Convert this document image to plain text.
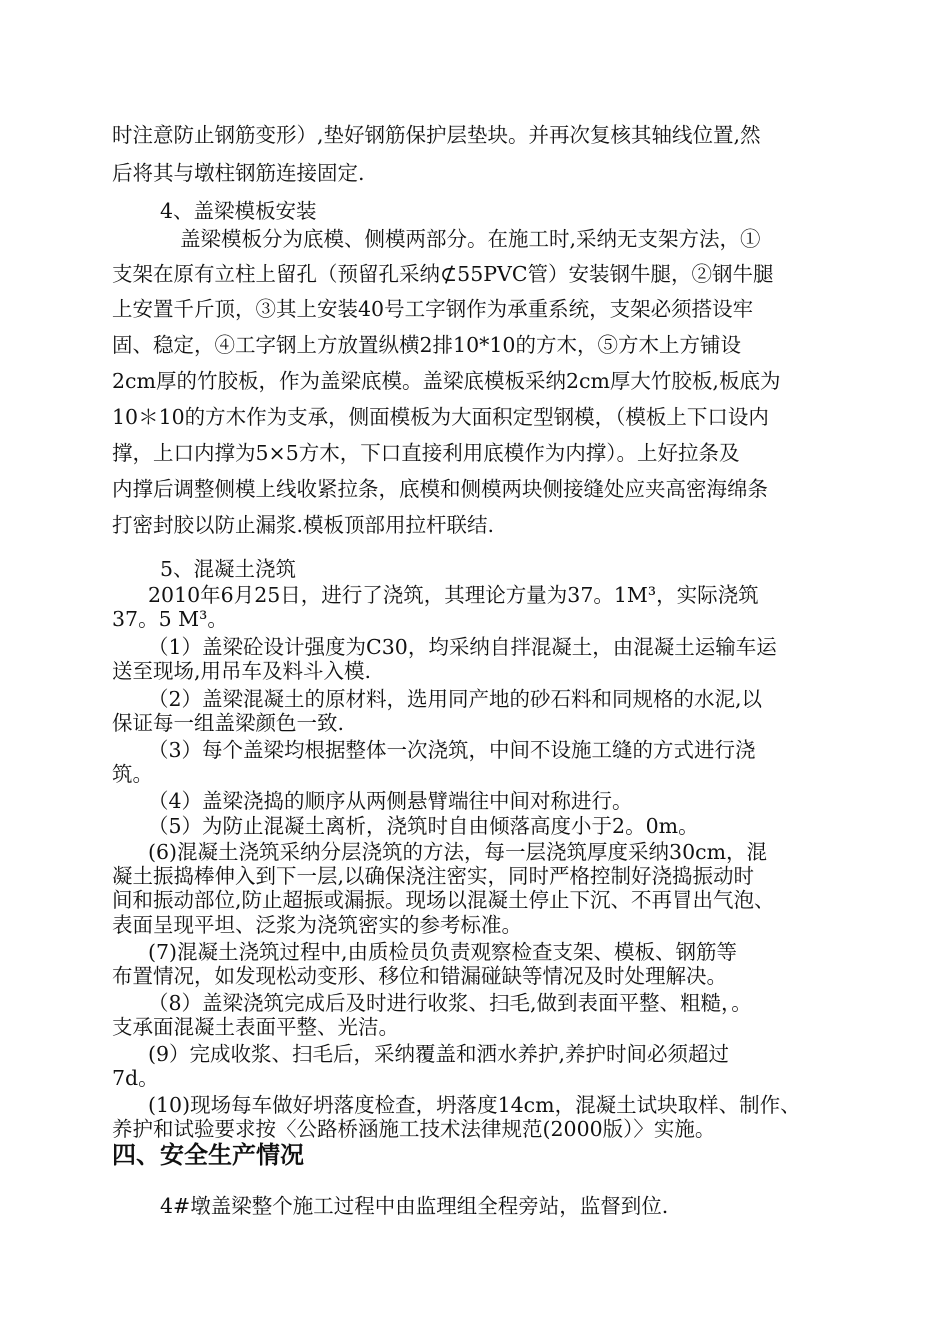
时注意防止钢筋变形）,垫好钢筋保护层垫块。并再次复核其轴线位置,然
后将其与墩柱钢筋连接固定.
4、盖梁模板安装
盖梁模板分为底模、侧模两部分。在施工时,采纳无支架方法，①
支架在原有立柱上留孔（预留孔采纳⊄55PVC管）安装钢牛腿，②钢牛腿
上安置千斤顶，③其上安装40号工字钢作为承重系统，支架必须搭设牢
固、稳定，④工字钢上方放置纵横2排10*10的方木，⑤方木上方铺设
2cm厚的竹胶板，作为盖梁底模。盖梁底模板采纳2cm厚大竹胶板,板底为
10＊10的方木作为支承，侧面模板为大面积定型钢模，（模板上下口设内
撑，上口内撑为5×5方木，下口直接利用底模作为内撑）。上好拉条及
内撑后调整侧模上线收紧拉条，底模和侧模两块侧接缝处应夹高密海绵条
打密封胶以防止漏浆.模板顶部用拉杆联结.
5、混凝土浇筑
2010年6月25日，进行了浇筑，其理论方量为37。1M³，实际浇筑
37。5 M³。
（1）盖梁砼设计强度为C30，均采纳自拌混凝土，由混凝土运输车运
送至现场,用吊车及料斗入模.
（2）盖梁混凝土的原材料，选用同产地的砂石料和同规格的水泥,以
保证每一组盖梁颜色一致.
（3）每个盖梁均根据整体一次浇筑，中间不设施工缝的方式进行浇
筑。
（4）盖梁浇捣的顺序从两侧悬臂端往中间对称进行。
（5）为防止混凝土离析，浇筑时自由倾落高度小于2。0m。
(6)混凝土浇筑采纳分层浇筑的方法，每一层浇筑厚度采纳30cm，混
凝土振捣棒伸入到下一层,以确保浇注密实，同时严格控制好浇捣振动时
间和振动部位,防止超振或漏振。现场以混凝土停止下沉、不再冒出气泡、
表面呈现平坦、泛浆为浇筑密实的参考标准。
(7)混凝土浇筑过程中,由质检员负责观察检查支架、模板、钢筋等
布置情况，如发现松动变形、移位和错漏碰缺等情况及时处理解决。
（8）盖梁浇筑完成后及时进行收浆、扫毛,做到表面平整、粗糙，。
支承面混凝土表面平整、光洁。
(9）完成收浆、扫毛后，采纳覆盖和洒水养护,养护时间必须超过
7d。
(10)现场每车做好坍落度检查，坍落度14cm，混凝土试块取样、制作、
养护和试验要求按〈公路桥涵施工技术法律规范(2000版）〉实施。
四、安全生产情况
4#墩盖梁整个施工过程中由监理组全程旁站，监督到位.
